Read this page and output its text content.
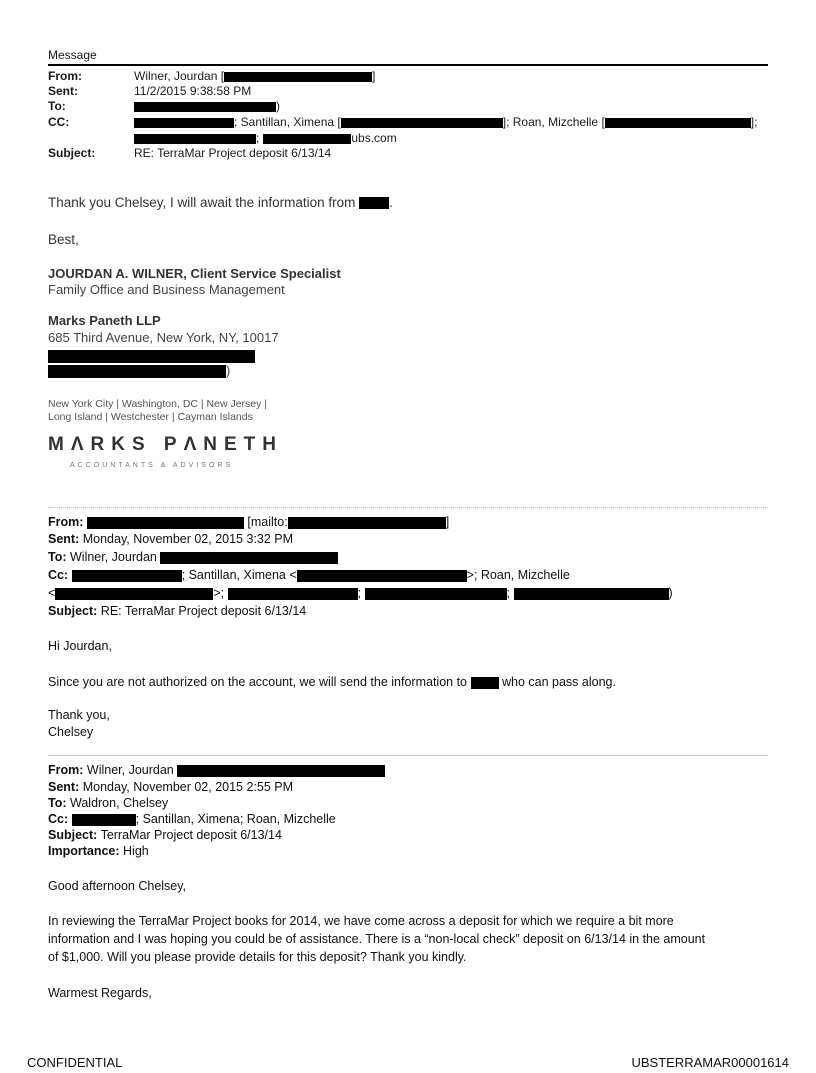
Message
From:	Wilner, Jourdan [	]
Sent:	11/2/2015 9:38:58 PM
To:	)
CC:	; Santillan, Ximena [	]; Roan, Mizchelle [	];
;	ubs.com
Subject:	RE: TerraMar Project deposit 6/13/14
Thank you Chelsey, I will await the information from	.
Best,
JOURDAN A. WILNER, Client Service Specialist
Family Office and Business Management
Marks Paneth LLP
685 Third Avenue, New York, NY, 10017
)
New York City | Washington, DC | New Jersey |
Long Island | Westchester | Cayman Islands
MΛRKS PΛNETH
ACCOUNTANTS & ADVISORS
From:	[mailto:	]
Sent: Monday, November 02, 2015 3:32 PM
To: Wilner, Jourdan
Cc:	; Santillan, Ximena <	>; Roan, Mizchelle
<	>;	;	;	)
Subject: RE: TerraMar Project deposit 6/13/14
Hi Jourdan,
Since you are not authorized on the account, we will send the information to	who can pass along.
Thank you,
Chelsey
From: Wilner, Jourdan
Sent: Monday, November 02, 2015 2:55 PM
To: Waldron, Chelsey
Cc:	; Santillan, Ximena; Roan, Mizchelle
Subject: TerraMar Project deposit 6/13/14
Importance: High
Good afternoon Chelsey,
In reviewing the TerraMar Project books for 2014, we have come across a deposit for which we require a bit more
information and I was hoping you could be of assistance. There is a “non-local check” deposit on 6/13/14 in the amount
of $1,000. Will you please provide details for this deposit? Thank you kindly.
Warmest Regards,
CONFIDENTIAL	UBSTERRAMAR00001614
